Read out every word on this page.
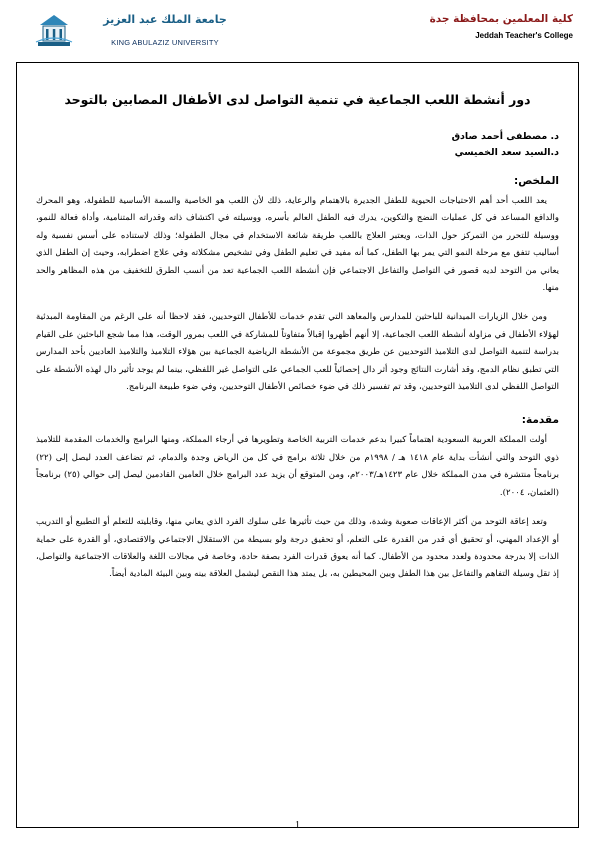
جامعة الملك عبد العزيز
KING ABULAZIZ UNIVERSITY
كلية المعلمين بمحافظة جدة
Jeddah Teacher's College
دور أنشطة اللعب الجماعية في تنمية التواصل لدى الأطفال المصابين بالتوحد
د. مصطفى أحمد صادق
د.السيد سعد الخميسي
الملخص:
يعد اللعب أحد أهم الاحتياجات الحيوية للطفل الجديرة بالاهتمام والرعاية، ذلك لأن اللعب هو الخاصية والسمة الأساسية للطفولة، وهو المحرك والدافع المساعد في كل عمليات النضج والتكوين، يدرك فيه الطفل العالم بأسره، ووسيلته في اكتشاف ذاته وقدراته المتنامية، وأداة فعالة للنمو، ووسيلة للتحرر من التمركز حول الذات، ويعتبر العلاج باللعب طريقة شائعة الاستخدام في مجال الطفولة؛ وذلك لاستناده على أسس نفسية وله أساليب تتفق مع مرحلة النمو التي يمر بها الطفل، كما أنه مفيد في تعليم الطفل وفي تشخيص مشكلاته وفي علاج اضطرابه، وحيث إن الطفل الذي يعاني من التوحد لديه قصور في التواصل والتفاعل الاجتماعي فإن أنشطة اللعب الجماعية تعد من أنسب الطرق للتخفيف من هذه المظاهر والحد منها.
ومن خلال الزيارات الميدانية للباحثين للمدارس والمعاهد التي تقدم خدمات للأطفال التوحديين، فقد لاحظا أنه على الرغم من المقاومة المبدئية لهؤلاء الأطفال في مزاولة أنشطة اللعب الجماعية، إلا أنهم أظهروا إقبالاً متفاوتاً للمشاركة في اللعب بمرور الوقت، هذا مما شجع الباحثين على القيام بدراسة لتنمية التواصل لدى التلاميذ التوحديين عن طريق مجموعة من الأنشطة الرياضية الجماعية بين هؤلاء التلاميذ والتلاميذ العاديين بأحد المدارس التي تطبق نظام الدمج، وقد أشارت النتائج وجود أثر دال إحصائياً للعب الجماعي على التواصل غير اللفظي، بينما لم يوجد تأثير دال لهذه الأنشطة على التواصل اللفظي لدى التلاميذ التوحديين، وقد تم تفسير ذلك في ضوء خصائص الأطفال التوحديين، وفي ضوء طبيعة البرنامج.
مقدمة:
أولت المملكة العربية السعودية اهتماماً كبيرا بدعم خدمات التربية الخاصة وتطويرها في أرجاء المملكة، ومنها البرامج والخدمات المقدمة للتلاميذ ذوي التوحد والتي أنشأت بداية عام ١٤١٨ هـ / ١٩٩٨م من خلال ثلاثة برامج في كل من الرياض وجدة والدمام، ثم تضاعف العدد ليصل إلى (٢٢) برنامجاً منتشرة في مدن المملكة خلال عام ١٤٢٣هـ/٢٠٠٣م، ومن المتوقع أن يزيد عدد البرامج خلال العامين القادمين ليصل إلى حوالي (٢٥) برنامجاً (العثمان، ٢٠٠٤).
وتعد إعاقة التوحد من أكثر الإعاقات صعوبة وشدة، وذلك من حيث تأثيرها على سلوك الفرد الذي يعاني منها، وقابليته للتعلم أو التطبيع أو التدريب أو الإعداد المهني، أو تحقيق أي قدر من القدرة على التعلم، أو تحقيق درجة ولو بسيطة من الاستقلال الاجتماعي والاقتصادي، أو القدرة على حماية الذات إلا بدرجة محدودة ولعدد محدود من الأطفال. كما أنه يعوق قدرات الفرد بصفة حادة، وخاصة في مجالات اللغة والعلاقات الاجتماعية والتواصل، إذ تقل وسيلة التفاهم والتفاعل بين هذا الطفل وبين المحيطين به، بل يمتد هذا النقص ليشمل العلاقة بينه وبين البيئة المادية أيضاً.
1
